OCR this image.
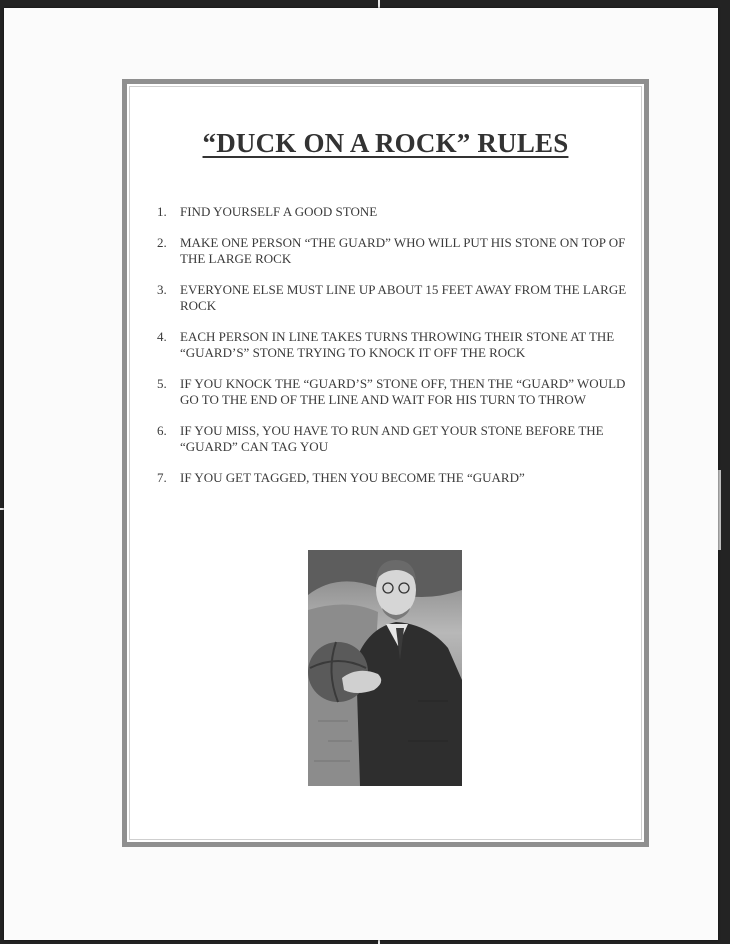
“DUCK ON A ROCK” RULES
1. FIND YOURSELF A GOOD STONE
2. MAKE ONE PERSON “THE GUARD” WHO WILL PUT HIS STONE ON TOP OF THE LARGE ROCK
3. EVERYONE ELSE MUST LINE UP ABOUT 15 FEET AWAY FROM THE LARGE ROCK
4. EACH PERSON IN LINE TAKES TURNS THROWING THEIR STONE AT THE “GUARD’S” STONE TRYING TO KNOCK IT OFF THE ROCK
5. IF YOU KNOCK THE “GUARD’S” STONE OFF, THEN THE “GUARD” WOULD GO TO THE END OF THE LINE AND WAIT FOR HIS TURN TO THROW
6. IF YOU MISS, YOU HAVE TO RUN AND GET YOUR STONE BEFORE THE “GUARD” CAN TAG YOU
7. IF YOU GET TAGGED, THEN YOU BECOME THE “GUARD”
